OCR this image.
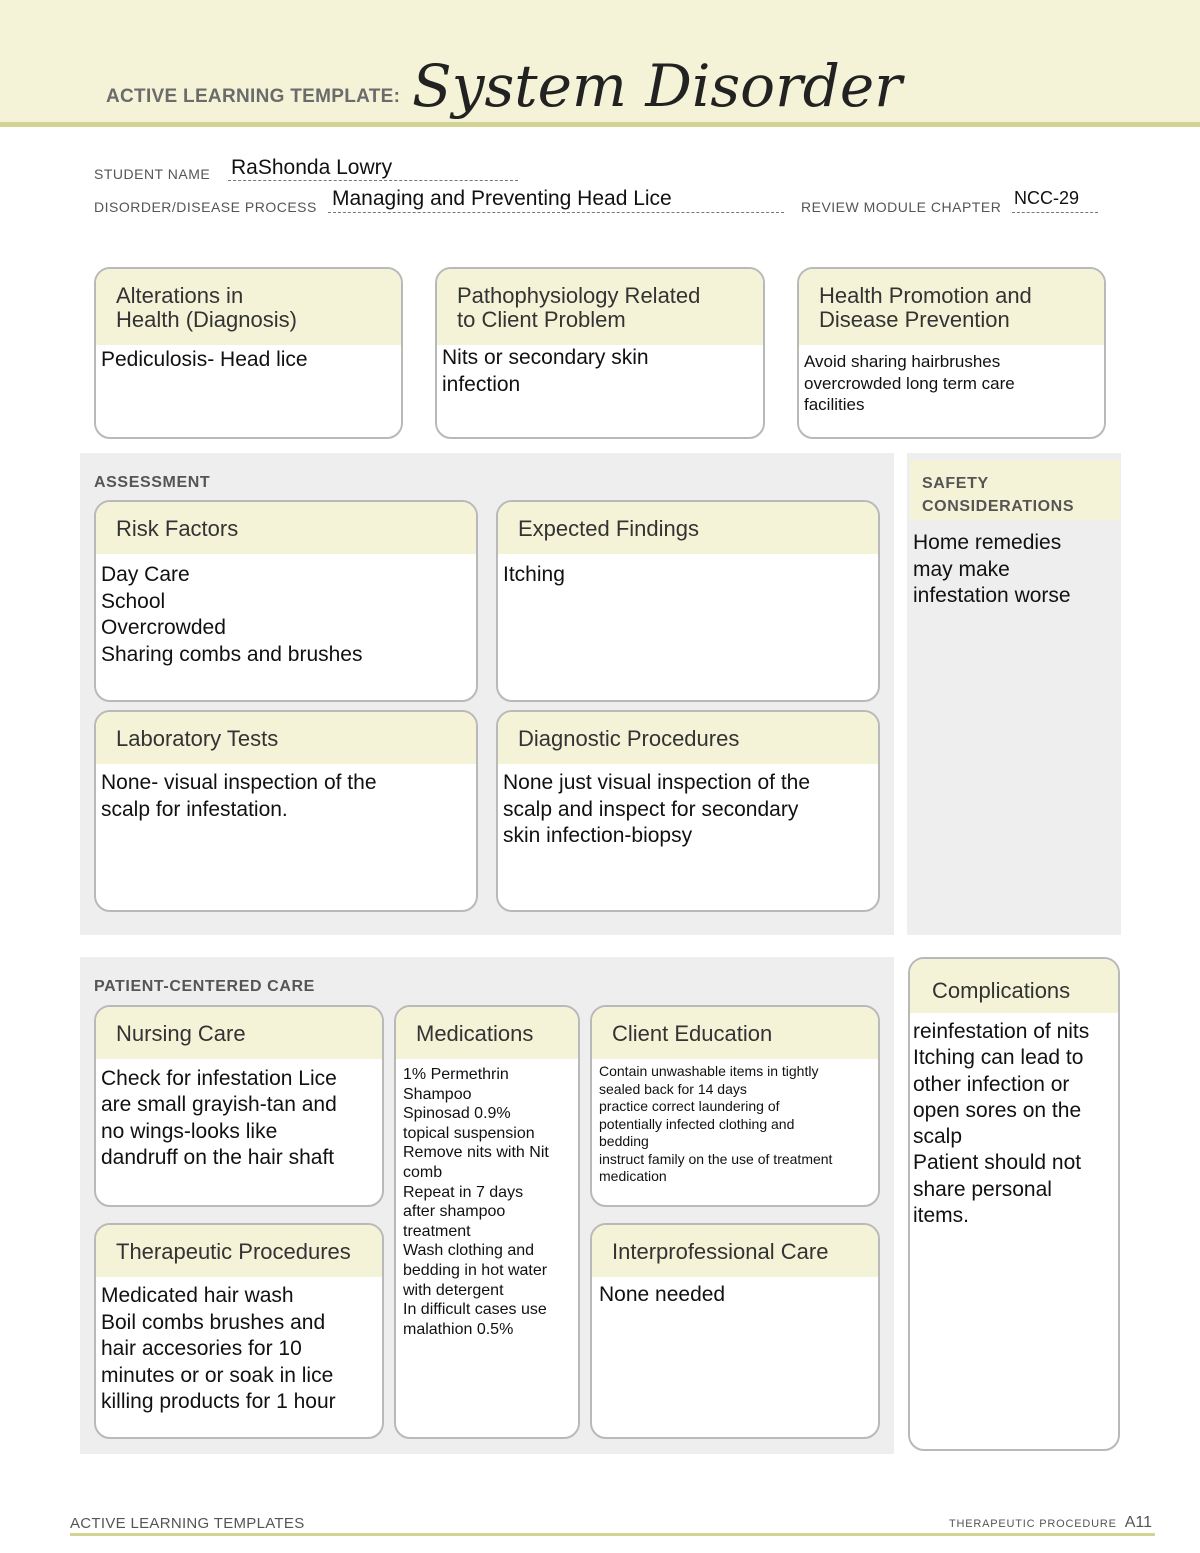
ACTIVE LEARNING TEMPLATE: System Disorder
STUDENT NAME RaShonda Lowry
DISORDER/DISEASE PROCESS Managing and Preventing Head Lice	REVIEW MODULE CHAPTER NCC-29
Alterations in
Health (Diagnosis)
Pediculosis- Head lice
Pathophysiology Related
to Client Problem
Nits or secondary skin
infection
Health Promotion and
Disease Prevention
Avoid sharing hairbrushes
overcrowded long term care
facilities
ASSESSMENT
Risk Factors
Day Care
School
Overcrowded
Sharing combs and brushes
Expected Findings
Itching
Laboratory Tests
None- visual inspection of the
scalp for infestation.
Diagnostic Procedures
None just visual inspection of the
scalp and inspect for secondary
skin infection-biopsy
SAFETY
CONSIDERATIONS
Home remedies
may make
infestation worse
PATIENT-CENTERED CARE
Nursing Care
Check for infestation Lice
are small grayish-tan and
no wings-looks like
dandruff on the hair shaft
Medications
1% Permethrin
Shampoo
Spinosad 0.9%
topical suspension
Remove nits with Nit
comb
Repeat in 7 days
after shampoo
treatment
Wash clothing and
bedding in hot water
with detergent
In difficult cases use
malathion 0.5%
Client Education
Contain unwashable items in tightly
sealed back for 14 days
practice correct laundering of
potentially infected clothing and
bedding
instruct family on the use of treatment
medication
Therapeutic Procedures
Medicated hair wash
Boil combs brushes and
hair accesories for 10
minutes or or soak in lice
killing products for 1 hour
Interprofessional Care
None needed
Complications
reinfestation of nits
Itching can lead to
other infection or
open sores on the
scalp
Patient should not
share personal
items.
ACTIVE LEARNING TEMPLATES	THERAPEUTIC PROCEDURE A11
